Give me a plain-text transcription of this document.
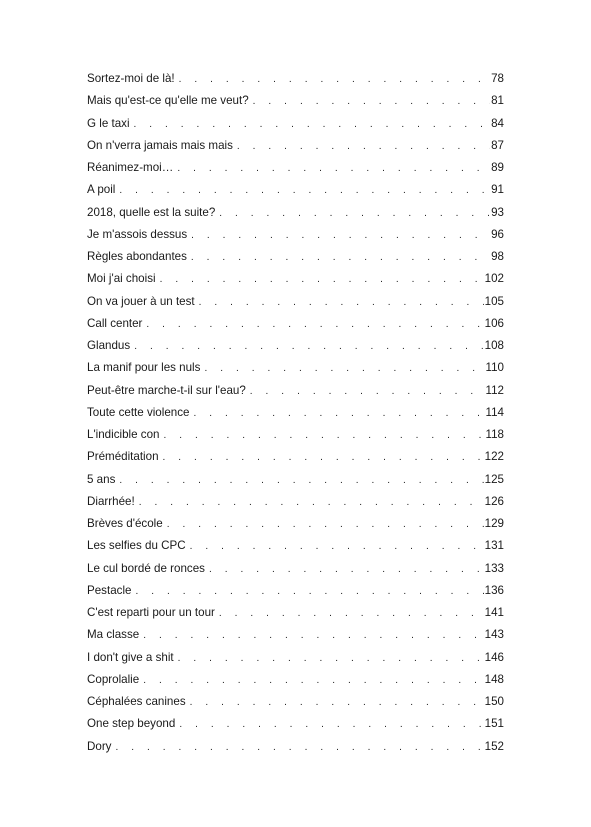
Sortez-moi de là! . . .	78
Mais qu'est-ce qu'elle me veut? . . .	81
G le taxi . . .	84
On n'verra jamais mais mais . . .	87
Réanimez-moi… . . .	89
A poil . . .	91
2018, quelle est la suite? . . .	93
Je m'assois dessus . . .	96
Règles abondantes . . .	98
Moi j'ai choisi . . .	102
On va jouer à un test . . .	105
Call center . . .	106
Glandus . . .	108
La manif pour les nuls . . .	110
Peut-être marche-t-il sur l'eau? . . .	112
Toute cette violence . . .	114
L'indicible con . . .	118
Préméditation . . .	122
5 ans . . .	125
Diarrhée! . . .	126
Brèves d'école . . .	129
Les selfies du CPC . . .	131
Le cul bordé de ronces . . .	133
Pestacle . . .	136
C'est reparti pour un tour . . .	141
Ma classe . . .	143
I don't give a shit . . .	146
Coprolalie . . .	148
Céphalées canines . . .	150
One step beyond . . .	151
Dory . . .	152
